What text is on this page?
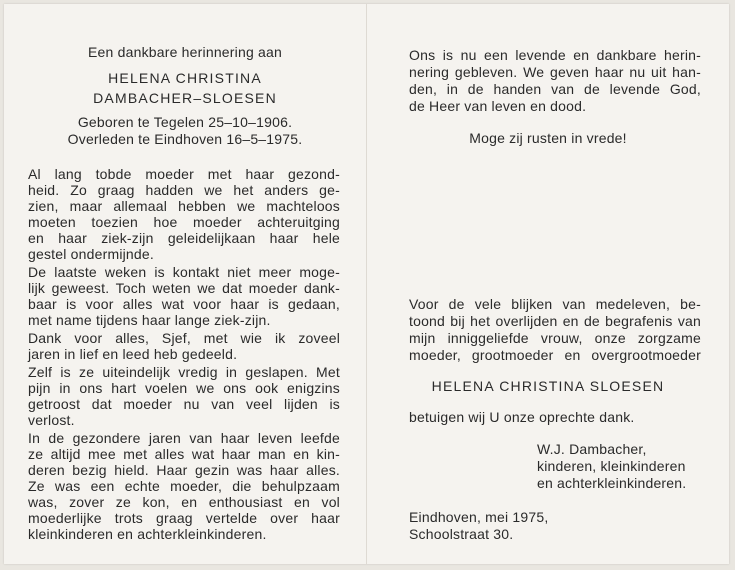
Een dankbare herinnering aan
HELENA CHRISTINA
DAMBACHER–SLOESEN
Geboren te Tegelen 25–10–1906.
Overleden te Eindhoven 16–5–1975.
Al lang tobde moeder met haar gezond-
heid. Zo graag hadden we het anders ge-
zien, maar allemaal hebben we machteloos
moeten toezien hoe moeder achteruitging
en haar ziek-zijn geleidelijkaan haar hele
gestel ondermijnde.
De laatste weken is kontakt niet meer moge-
lijk geweest. Toch weten we dat moeder dank-
baar is voor alles wat voor haar is gedaan,
met name tijdens haar lange ziek-zijn.
Dank voor alles, Sjef, met wie ik zoveel
jaren in lief en leed heb gedeeld.
Zelf is ze uiteindelijk vredig in geslapen. Met
pijn in ons hart voelen we ons ook enigzins
getroost dat moeder nu van veel lijden is
verlost.
In de gezondere jaren van haar leven leefde
ze altijd mee met alles wat haar man en kin-
deren bezig hield. Haar gezin was haar alles.
Ze was een echte moeder, die behulpzaam
was, zover ze kon, en enthousiast en vol
moederlijke trots graag vertelde over haar
kleinkinderen en achterkleinkinderen.
Ons is nu een levende en dankbare herin-
nering gebleven. We geven haar nu uit han-
den, in de handen van de levende God,
de Heer van leven en dood.
Moge zij rusten in vrede!
Voor de vele blijken van medeleven, be-
toond bij het overlijden en de begrafenis van
mijn inniggeliefde vrouw, onze zorgzame
moeder, grootmoeder en overgrootmoeder
HELENA CHRISTINA SLOESEN
betuigen wij U onze oprechte dank.
W.J. Dambacher,
kinderen, kleinkinderen
en achterkleinkinderen.
Eindhoven, mei 1975,
Schoolstraat 30.
